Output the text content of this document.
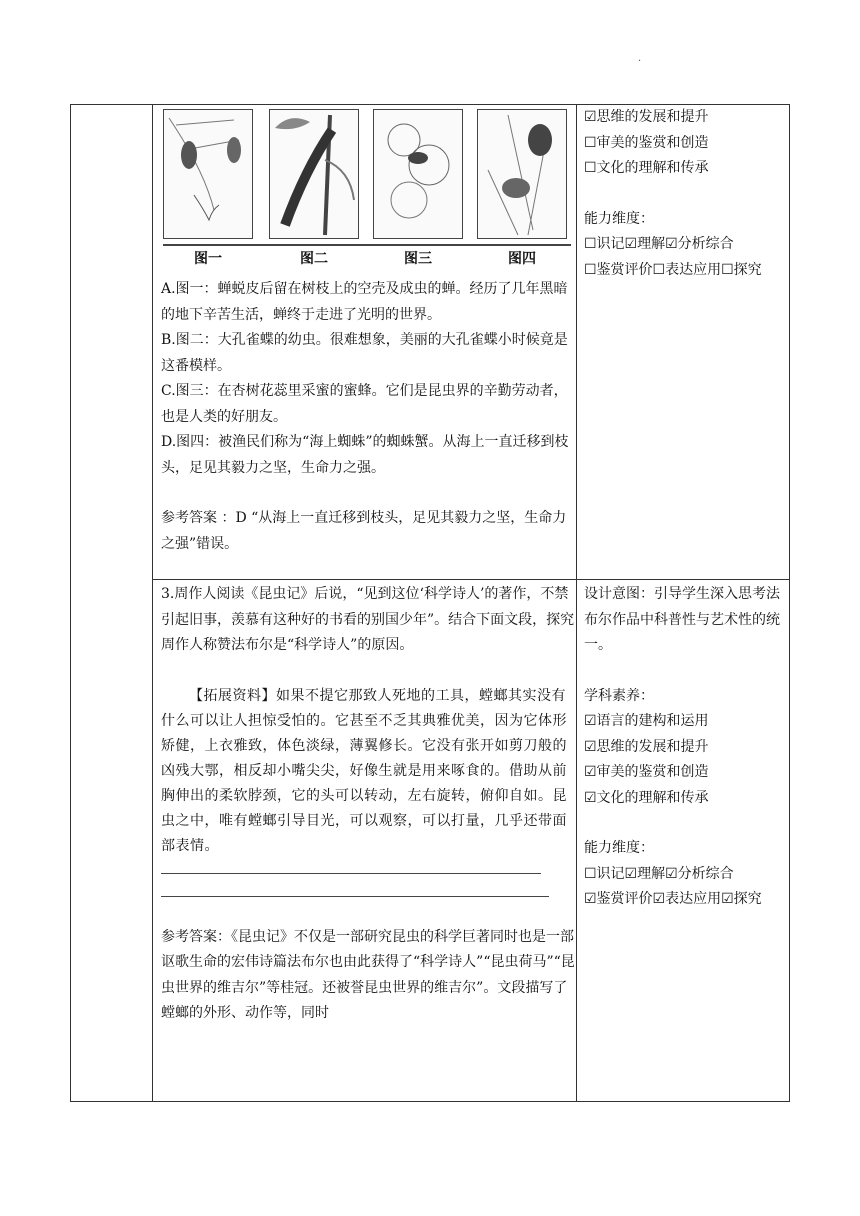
·
图一	图二	图三	图四

A.图一：蝉蜕皮后留在树枝上的空壳及成虫的蝉。经历了几年黑暗的地下辛苦生活，蝉终于走进了光明的世界。

B.图二：大孔雀蝶的幼虫。很难想象，美丽的大孔雀蝶小时候竟是这番模样。

C.图三：在杏树花蕊里采蜜的蜜蜂。它们是昆虫界的辛勤劳动者，也是人类的好朋友。

D.图四：被渔民们称为“海上蜘蛛”的蜘蛛蟹。从海上一直迁移到枝头，足见其毅力之坚，生命力之强。

参考答案 ：D “从海上一直迁移到枝头，足见其毅力之坚，生命力之强”错误。

☑思维的发展和提升

☐审美的鉴赏和创造

☐文化的理解和传承

能力维度：

☐识记☑理解☑分析综合

☐鉴赏评价☐表达应用☐探究

3.周作人阅读《昆虫记》后说，“见到这位‘科学诗人’的著作，不禁引起旧事，羡慕有这种好的书看的别国少年”。结合下面文段，探究周作人称赞法布尔是“科学诗人”的原因。

【拓展资料】如果不提它那致人死地的工具，螳螂其实没有什么可以让人担惊受怕的。它甚至不乏其典雅优美，因为它体形矫健，上衣雅致，体色淡绿，薄翼修长。它没有张开如剪刀般的凶残大鄂，相反却小嘴尖尖，好像生就是用来啄食的。借助从前胸伸出的柔软脖颈，它的头可以转动，左右旋转，俯仰自如。昆虫之中，唯有螳螂引导目光，可以观察，可以打量，几乎还带面部表情。

参考答案：《昆虫记》不仅是一部研究昆虫的科学巨著同时也是一部讴歌生命的宏伟诗篇法布尔也由此获得了“科学诗人”“昆虫荷马”“昆虫世界的维吉尔”等桂冠。还被誉昆虫世界的维吉尔”。文段描写了螳螂的外形、动作等，同时

设计意图：引导学生深入思考法布尔作品中科普性与艺术性的统一。

学科素养：

☑语言的建构和运用

☑思维的发展和提升

☑审美的鉴赏和创造

☑文化的理解和传承

能力维度：

☐识记☑理解☑分析综合

☑鉴赏评价☑表达应用☑探究
